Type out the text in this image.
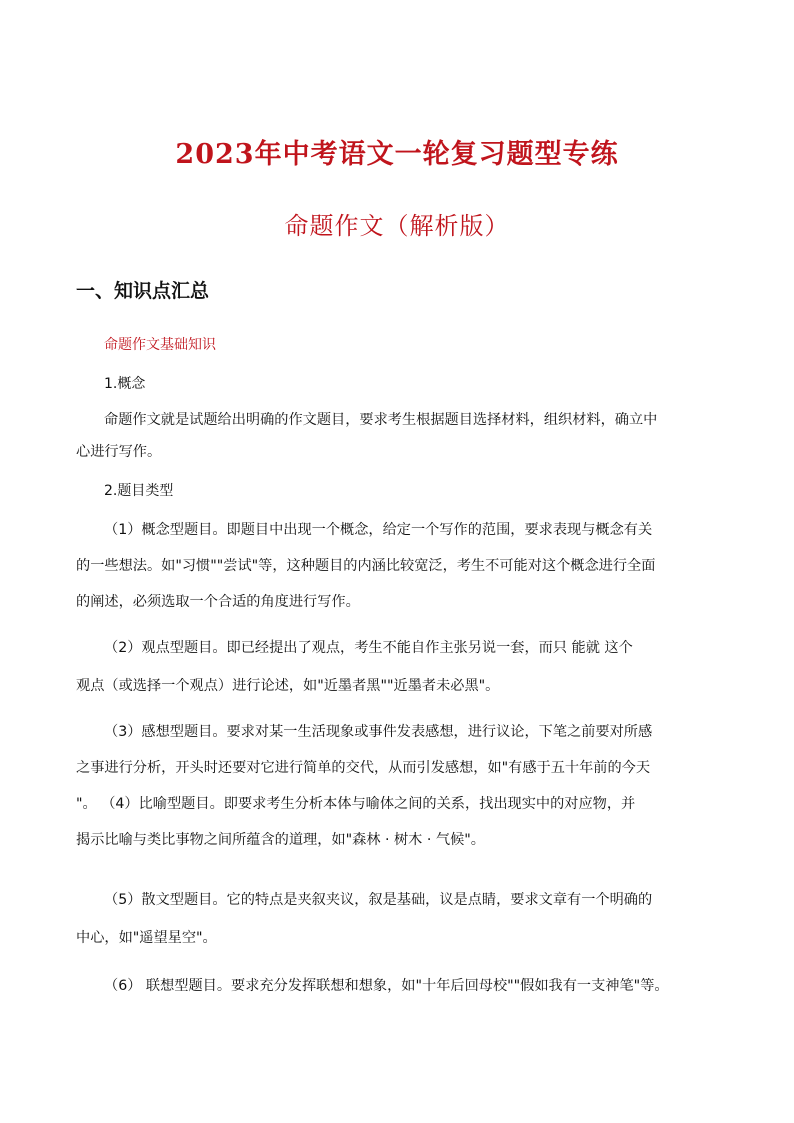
2023年中考语文一轮复习题型专练
命题作文（解析版）
一、知识点汇总
命题作文基础知识
1.概念
命题作文就是试题给出明确的作文题目，要求考生根据题目选择材料，组织材料，确立中
心进行写作。
2.题目类型
（1）概念型题目。即题目中出现一个概念，给定一个写作的范围，要求表现与概念有关
的一些想法。如"习惯""尝试"等，这种题目的内涵比较宽泛，考生不可能对这个概念进行全面
的阐述，必须选取一个合适的角度进行写作。
（2）观点型题目。即已经提出了观点，考生不能自作主张另说一套，而只 能就 这个
观点（或选择一个观点）进行论述，如"近墨者黑""近墨者未必黑"。
（3）感想型题目。要求对某一生活现象或事件发表感想，进行议论，下笔之前要对所感
之事进行分析，开头时还要对它进行简单的交代，从而引发感想，如"有感于五十年前的今天
"。 （4）比喻型题目。即要求考生分析本体与喻体之间的关系，找出现实中的对应物，并
揭示比喻与类比事物之间所蕴含的道理，如"森林 · 树木 · 气候"。
（5）散文型题目。它的特点是夹叙夹议，叙是基础，议是点睛，要求文章有一个明确的
中心，如"遥望星空"。
（6） 联想型题目。要求充分发挥联想和想象，如"十年后回母校""假如我有一支神笔"等。
